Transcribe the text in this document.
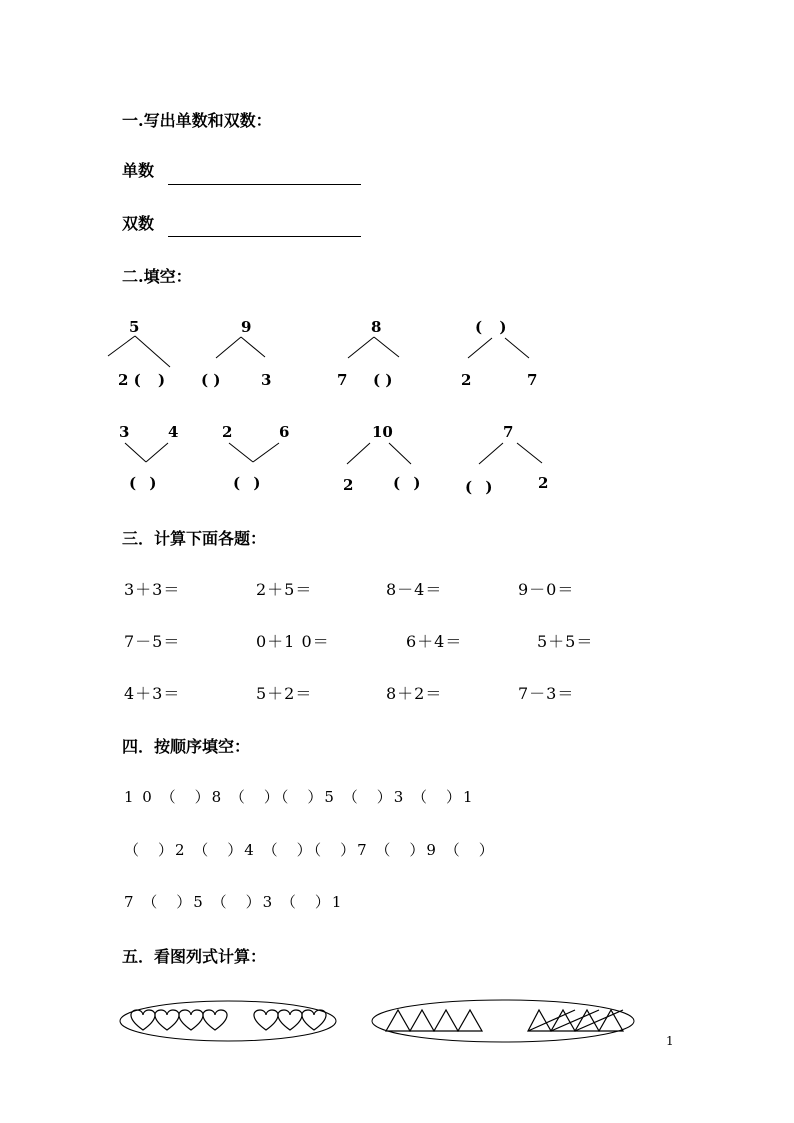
一.写出单数和双数：
单数
双数
二.填空：
5
2 ( )
9
( )	3
8
7 ( )
( )
2	7
3	4
( )
2	6
( )
10
2	( )
7
( )	2
三．计算下面各题：
3＋3＝	2＋5＝	8－4＝	9－0＝
7－5＝	0＋1 0＝	6＋4＝	5＋5＝
4＋3＝	5＋2＝	8＋2＝	7－3＝
四．按顺序填空：
1 0 （　）8 （　）（　）5 （　）3 （　）1
（　）2 （　）4 （　）（　）7 （　）9 （　）
7 （　）5 （　）3 （　）1
五．看图列式计算：
1
